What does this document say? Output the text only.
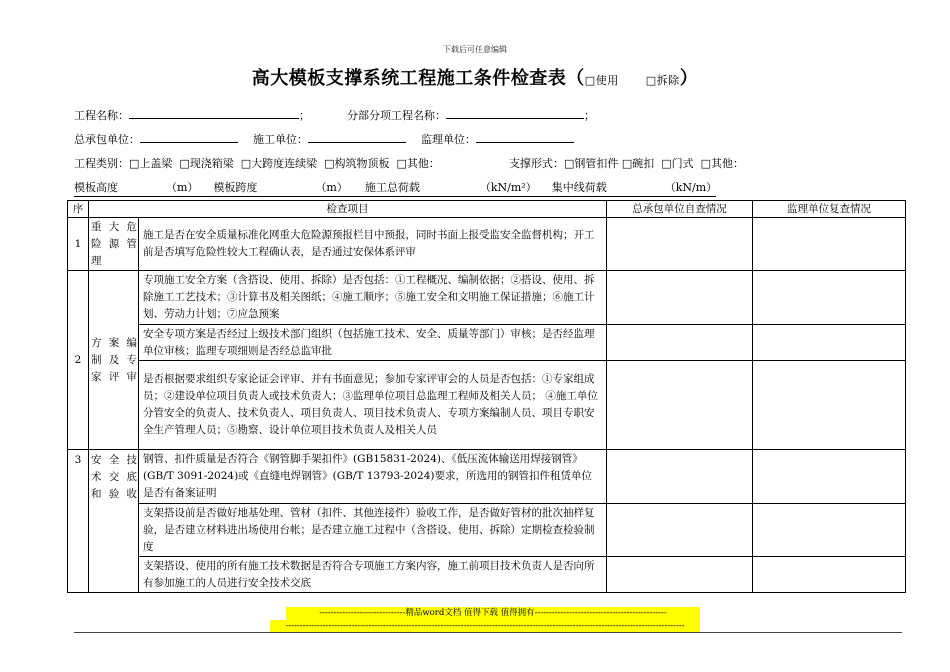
下载后可任意编辑
高大模板支撑系统工程施工条件检查表（□使用 □拆除）
工程名称：	；	分部分项工程名称：	；
总承包单位：	施工单位：	监理单位：
工程类别：□上盖梁  □现浇箱梁  □大跨度连续梁  □构筑物顶板  □其他：	支撑形式：□钢管扣件 □碗扣  □门式  □其他：
模板高度	（m） 模板跨度	（m） 施工总荷载	（kN/m²） 集中线荷载	（kN/m）
序	检查项目		总承包单位自查情况	监理单位复查情况
1	重大危
险源管
理	施工是否在安全质量标准化网重大危险源预报栏目中预报，同时书面上报受监安全监督机构；开工前是否填写危险性较大工程确认表，是否通过安保体系评审		
2	方案编
制及专
家评审	专项施工安全方案（含搭设、使用、拆除）是否包括：①工程概况、编制依据；②搭设、使用、拆除施工工艺技术；③计算书及相关图纸；④施工顺序；⑤施工安全和文明施工保证措施；⑥施工计划、劳动力计划；⑦应急预案		
		安全专项方案是否经过上级技术部门组织（包括施工技术、安全、质量等部门）审核；是否经监理单位审核；监理专项细则是否经总监审批		
		是否根据要求组织专家论证会评审、并有书面意见；参加专家评审会的人员是否包括：①专家组成员；②建设单位项目负责人或技术负责人；③监理单位项目总监理工程师及相关人员； ④施工单位分管安全的负责人、技术负责人、项目负责人、项目技术负责人、专项方案编制人员、项目专职安全生产管理人员；⑤勘察、设计单位项目技术负责人及相关人员		
3	安全技
术交底
和验收	钢管、扣件质量是否符合《钢管脚手架扣件》(GB15831-2024)、《低压流体输送用焊接钢管》(GB/T 3091-2024)或《直缝电焊钢管》(GB/T 13793-2024)要求，所选用的钢管扣件租赁单位是否有备案证明		
		支架搭设前是否做好地基处理、管材（扣件、其他连接件）验收工作，是否做好管材的批次抽样复验，是否建立材料进出场使用台帐；是否建立施工过程中（含搭设、使用、拆除）定期检查检验制度		
		支架搭设、使用的所有施工技术数据是否符合专项施工方案内容，施工前项目技术负责人是否向所有参加施工的人员进行安全技术交底		
------------------------------精品word文档 值得下载 值得拥有----------------------------------------------
-------------------------------------------------------------------------------------------------------------------------------------------
